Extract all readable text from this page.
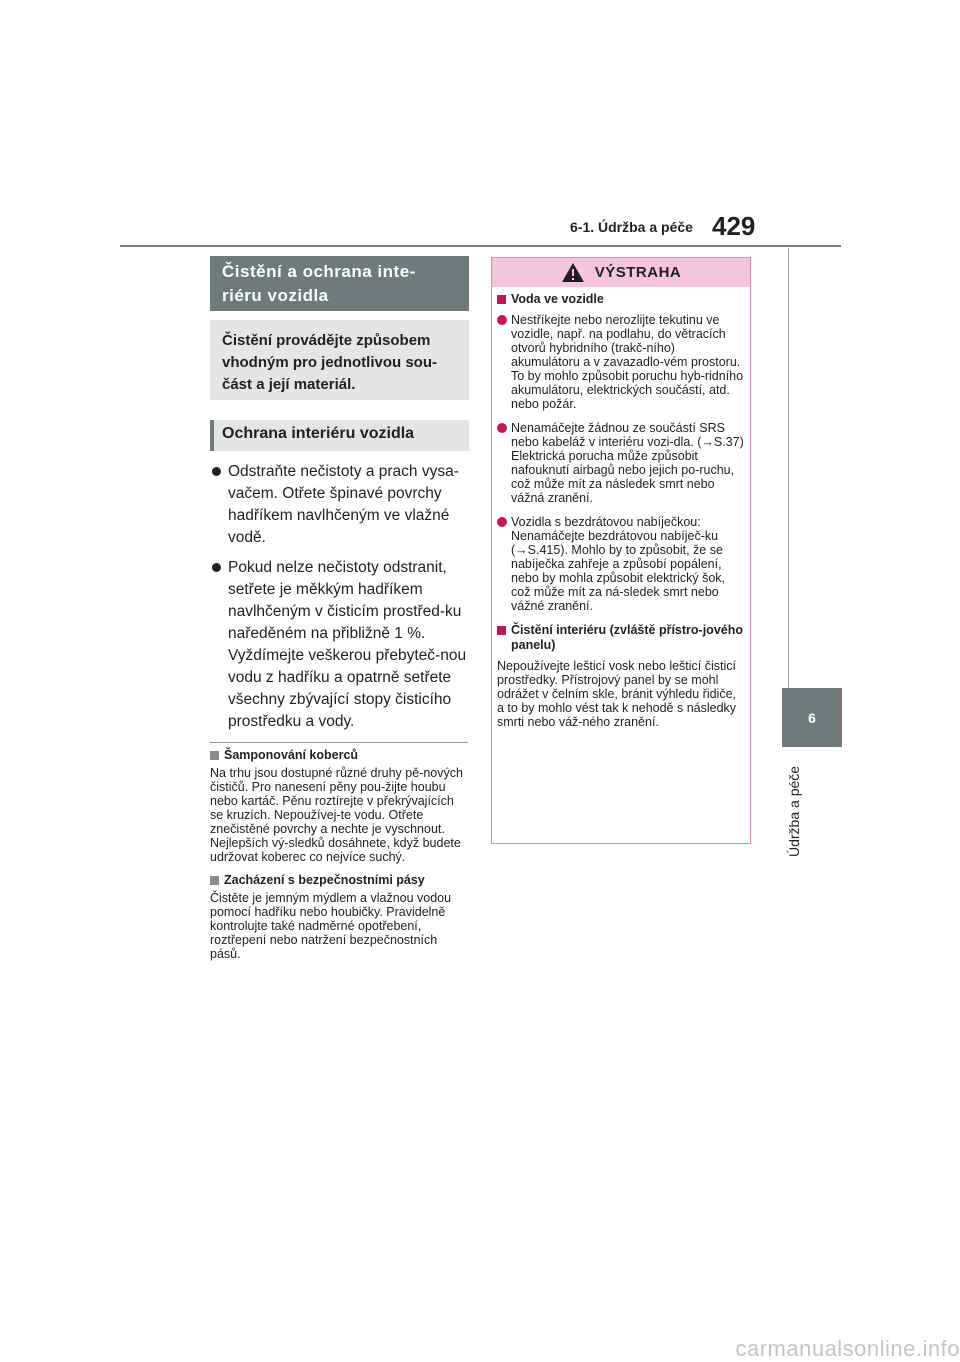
6-1. Údržba a péče 429
6
Údržba a péče
Čistění a ochrana inte-
riéru vozidla
Čistění provádějte způsobem
vhodným pro jednotlivou sou-
část a její materiál.
Ochrana interiéru vozidla
Odstraňte nečistoty a prach vysa-vačem. Otřete špinavé povrchy hadříkem navlhčeným ve vlažné vodě.
Pokud nelze nečistoty odstranit, setřete je měkkým hadříkem navlhčeným v čisticím prostřed-ku naředěném na přibližně 1 %. Vyždímejte veškerou přebyteč-nou vodu z hadříku a opatrně setřete všechny zbývající stopy čisticího prostředku a vody.
Šamponování koberců
Na trhu jsou dostupné různé druhy pě-nových čističů. Pro nanesení pěny pou-žijte houbu nebo kartáč. Pěnu roztírejte v překrývajících se kruzích. Nepoužívej-te vodu. Otřete znečistěné povrchy a nechte je vyschnout. Nejlepších vý-sledků dosáhnete, když budete udržovat koberec co nejvíce suchý.
Zacházení s bezpečnostními pásy
Čistěte je jemným mýdlem a vlažnou vodou pomocí hadříku nebo houbičky. Pravidelně kontrolujte také nadměrné opotřebení, roztřepení nebo natržení bezpečnostních pásů.
VÝSTRAHA
Voda ve vozidle
Nestříkejte nebo nerozlijte tekutinu ve vozidle, např. na podlahu, do větracích otvorů hybridního (trakč-ního) akumulátoru a v zavazadlo-vém prostoru.
To by mohlo způsobit poruchu hyb-ridního akumulátoru, elektrických součástí, atd. nebo požár.
Nenamáčejte žádnou ze součástí SRS nebo kabeláž v interiéru vozi-dla. (→S.37)
Elektrická porucha může způsobit nafouknutí airbagů nebo jejich po-ruchu, což může mít za následek smrt nebo vážná zranění.
Vozidla s bezdrátovou nabíječkou: Nenamáčejte bezdrátovou nabíječ-ku (→S.415). Mohlo by to způsobit, že se nabíječka zahřeje a způsobí popálení, nebo by mohla způsobit elektrický šok, což může mít za ná-sledek smrt nebo vážné zranění.
Čistění interiéru (zvláště přístro-jového panelu)
Nepoužívejte lešticí vosk nebo lešticí čisticí prostředky. Přístrojový panel by se mohl odrážet v čelním skle, bránit výhledu řidiče, a to by mohlo vést tak k nehodě s následky smrti nebo váž-ného zranění.
carmanualsonline.info
